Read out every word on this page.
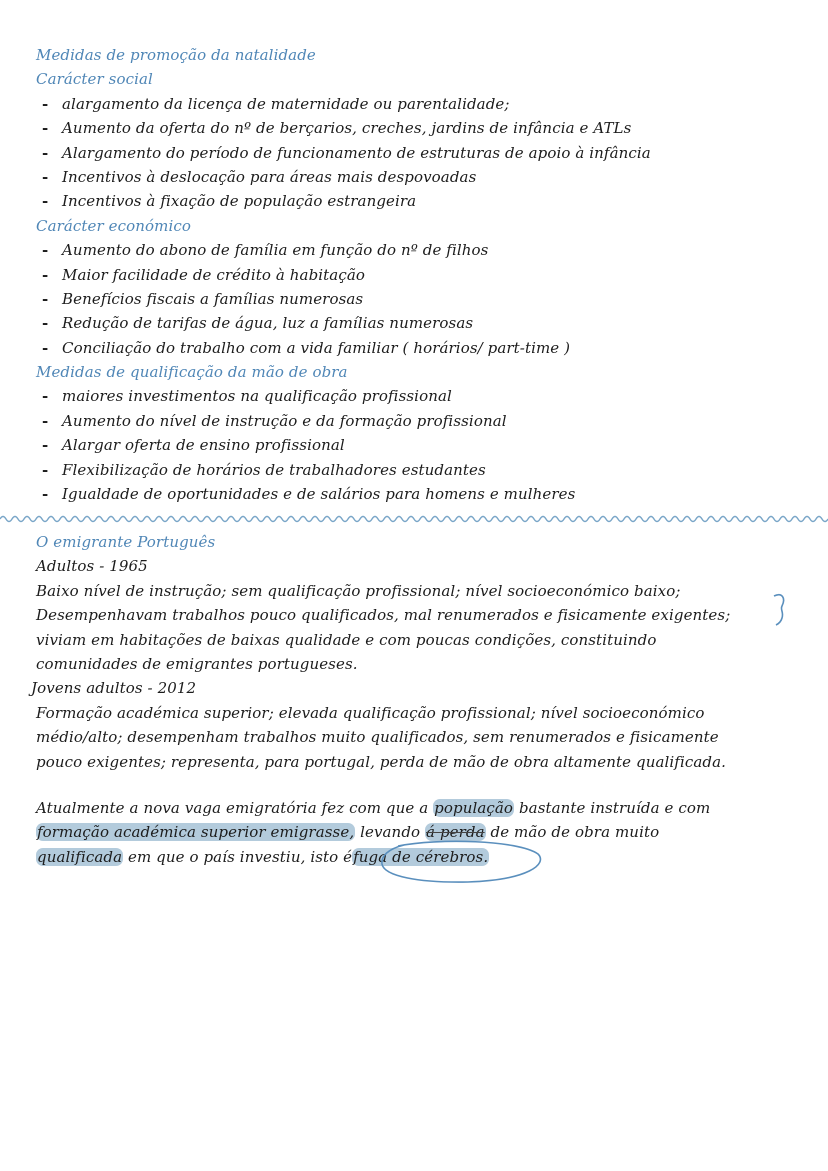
Medidas de promoção da natalidade
Carácter social
- alargamento da licença de maternidade ou parentalidade;
- Aumento da oferta do nº de berçarios, creches, jardins de infância e ATLs
- Alargamento do período de funcionamento de estruturas de apoio à infância
- Incentivos à deslocação para áreas mais despovoadas
- Incentivos à fixação de população estrangeira
Carácter económico
- Aumento do abono de família em função do nº de filhos
- Maior facilidade de crédito à habitação
- Benefícios fiscais a famílias numerosas
- Redução de tarifas de água, luz a famílias numerosas
- Conciliação do trabalho com a vida familiar ( horários/ part-time )
Medidas de qualificação da mão de obra
- maiores investimentos na qualificação profissional
- Aumento do nível de instrução e da formação profissional
- Alargar oferta de ensino profissional
- Flexibilização de horários de trabalhadores estudantes
- Igualdade de oportunidades e de salários para homens e mulheres
O emigrante Português
Adultos - 1965
Baixo nível de instrução; sem qualificação profissional; nível socioeconómico baixo;
Desempenhavam trabalhos pouco qualificados, mal renumerados e fisicamente exigentes;
viviam em habitações de baixas qualidade e com poucas condições, constituindo
comunidades de emigrantes portugueses.
Jovens adultos - 2012
Formação académica superior; elevada qualificação profissional; nível socioeconómico
médio/alto; desempenham trabalhos muito qualificados, sem renumerados e fisicamente
pouco exigentes; representa, para portugal, perda de mão de obra altamente qualificada.
Atualmente a nova vaga emigratória fez com que a população bastante instruída e com
formação académica superior emigrasse, levando á perda de mão de obra muito
qualificada em que o país investiu, isto éfuga de cérebros.
